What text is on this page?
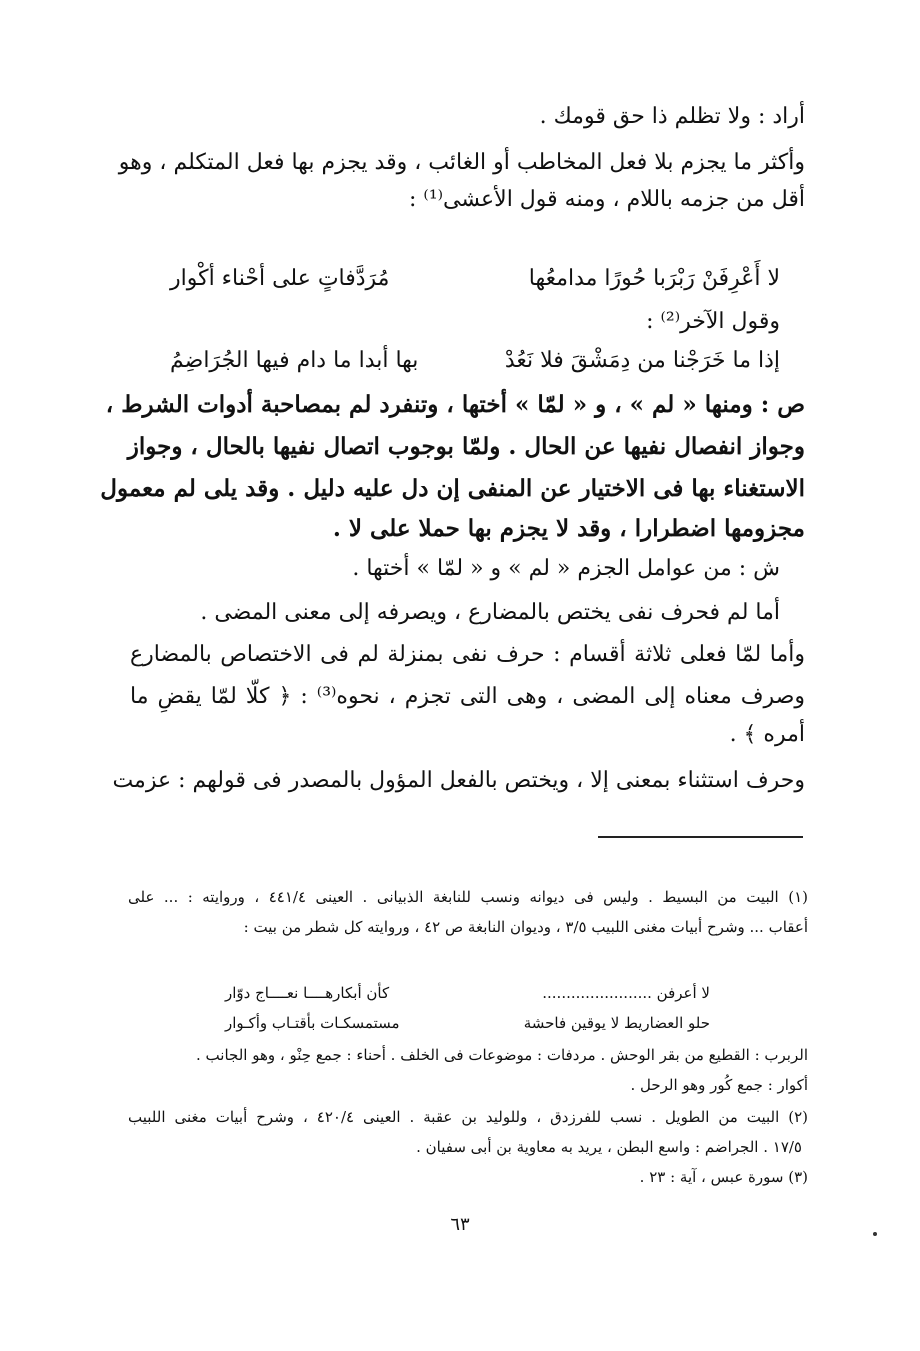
أراد : ولا تظلم ذا حق قومك .
وأكثر ما يجزم بلا فعل المخاطب أو الغائب ، وقد يجزم بها فعل المتكلم ، وهو
أقل من جزمه باللام ، ومنه قول الأعشى⁽¹⁾ :
لا أَعْرِفَنْ رَبْرَبا حُورًا مدامعُها
مُرَدَّفاتٍ على أحْناء أكْوار
وقول الآخر⁽²⁾ :
إذا ما خَرَجْنا من دِمَشْقَ فلا نَعُدْ
بها أبدا ما دام فيها الجُرَاضِمُ
ص : ومنها « لم » ، و « لمّا » أختها ، وتنفرد لم بمصاحبة أدوات الشرط ،
وجواز انفصال نفيها عن الحال . ولمّا بوجوب اتصال نفيها بالحال ، وجواز
الاستغناء بها فى الاختيار عن المنفى إن دل عليه دليل . وقد يلى لم معمول
مجزومها اضطرارا ، وقد لا يجزم بها حملا على لا .
ش : من عوامل الجزم « لم » و « لمّا » أختها .
أما لم فحرف نفى يختص بالمضارع ، ويصرفه إلى معنى المضى .
وأما لمّا فعلى ثلاثة أقسام : حرف نفى بمنزلة لم فى الاختصاص بالمضارع
وصرف معناه إلى المضى ، وهى التى تجزم ، نحوه⁽³⁾ : ﴿ كلّا لمّا يقضِ ما
أمره ﴾ .
وحرف استثناء بمعنى إلا ، ويختص بالفعل المؤول بالمصدر فى قولهم : عزمت
(١) البيت من البسيط . وليس فى ديوانه ونسب للنابغة الذبيانى . العينى ٤٤١/٤ ، وروايته : ... على
أعقاب ... وشرح أبيات مغنى اللبيب ٣/٥ ، وديوان النابغة ص ٤٢ ، وروايته كل شطر من بيت :
لا أعرفن .......................
كأن أبكارهــــا نعــــاج دوّار
حلو العضاريط لا يوقين فاحشة
مستمسكـات بأقتـاب وأكـوار
الربرب : القطيع من بقر الوحش . مردفات : موضوعات فى الخلف . أحناء : جمع حِنْو ، وهو الجانب .
أكوار : جمع كُور وهو الرحل .
(٢) البيت من الطويل . نسب للفرزدق ، وللوليد بن عقبة . العينى ٤٢٠/٤ ، وشرح أبيات مغنى اللبيب
١٧/٥ . الجراضم : واسع البطن ، يريد به معاوية بن أبى سفيان .
(٣) سورة عبس ، آية : ٢٣ .
٦٣
